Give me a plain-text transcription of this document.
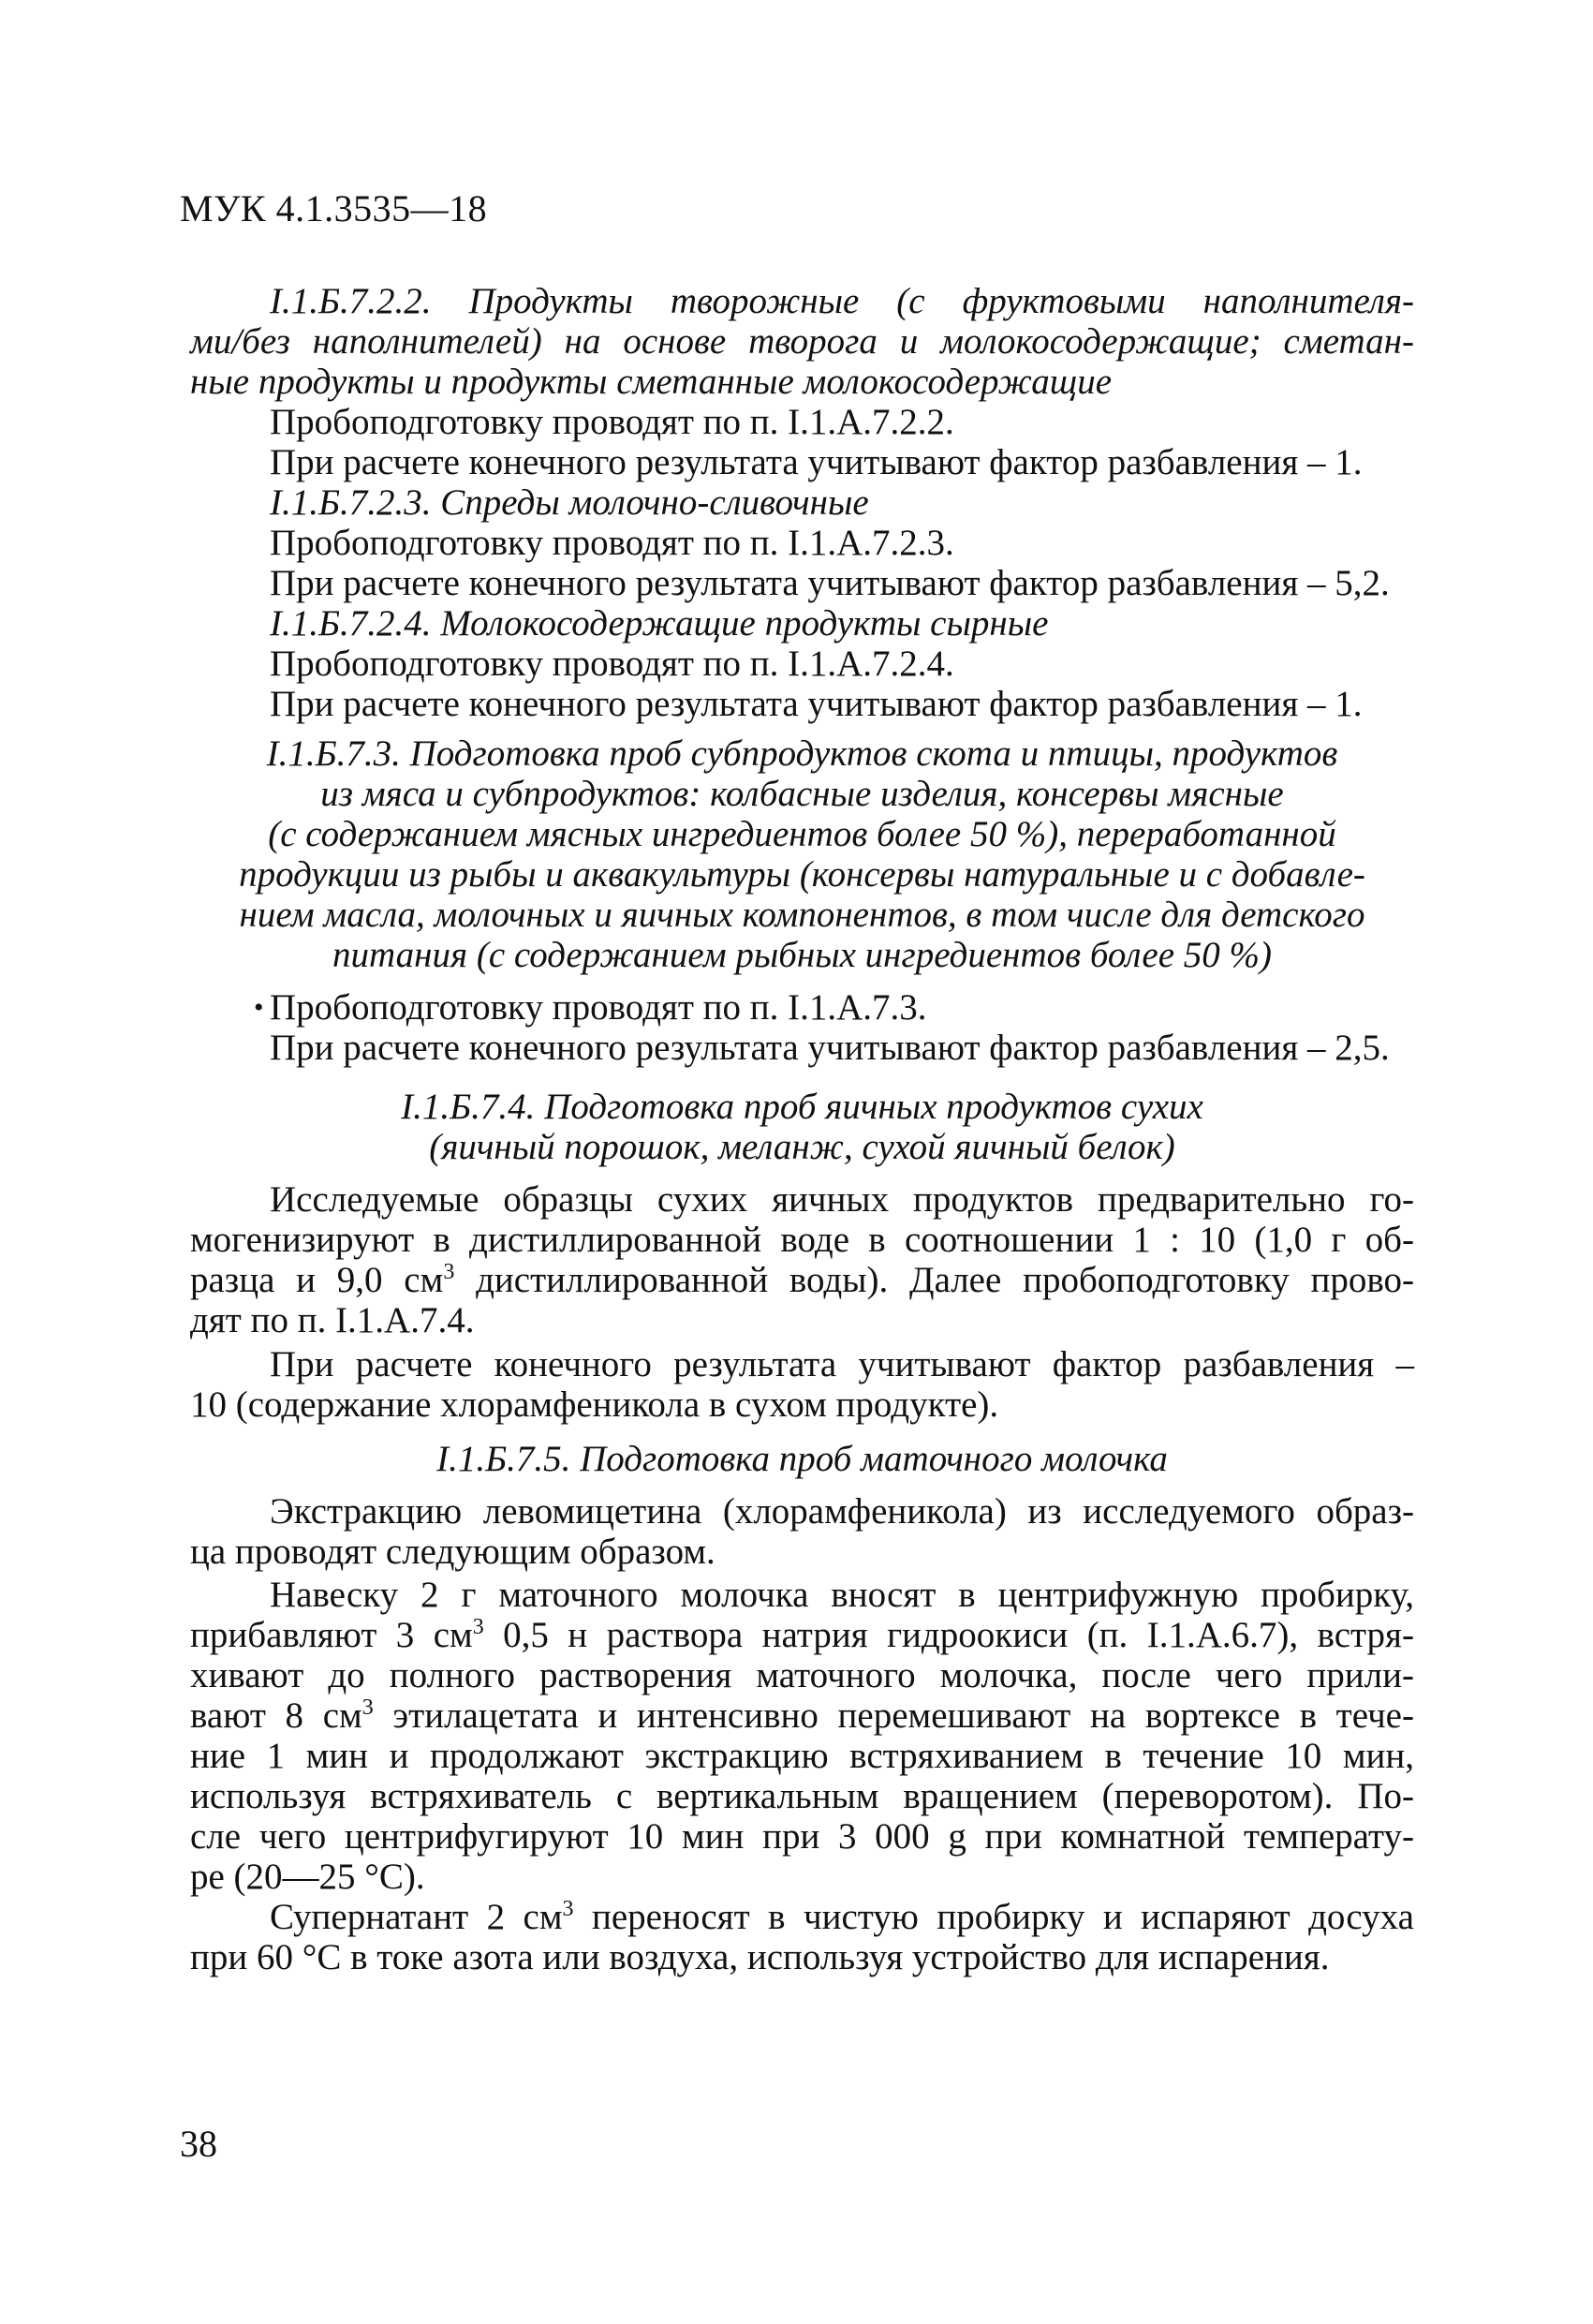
МУК 4.1.3535—18
I.1.Б.7.2.2. Продукты творожные (с фруктовыми наполнителя-
ми/без наполнителей) на основе творога и молокосодержащие; сметан-
ные продукты и продукты сметанные молокосодержащие
Пробоподготовку проводят по п. I.1.А.7.2.2.
При расчете конечного результата учитывают фактор разбавления – 1.
I.1.Б.7.2.3. Спреды молочно-сливочные
Пробоподготовку проводят по п. I.1.А.7.2.3.
При расчете конечного результата учитывают фактор разбавления – 5,2.
I.1.Б.7.2.4. Молокосодержащие продукты сырные
Пробоподготовку проводят по п. I.1.А.7.2.4.
При расчете конечного результата учитывают фактор разбавления – 1.
I.1.Б.7.3. Подготовка проб субпродуктов скота и птицы, продуктов
из мяса и субпродуктов: колбасные изделия, консервы мясные
(с содержанием мясных ингредиентов более 50 %), переработанной
продукции из рыбы и аквакультуры (консервы натуральные и с добавле-
нием масла, молочных и яичных компонентов, в том числе для детского
питания (с содержанием рыбных ингредиентов более 50 %)
• Пробоподготовку проводят по п. I.1.А.7.3.
При расчете конечного результата учитывают фактор разбавления – 2,5.
I.1.Б.7.4. Подготовка проб яичных продуктов сухих
(яичный порошок, меланж, сухой яичный белок)
Исследуемые образцы сухих яичных продуктов предварительно го-
могенизируют в дистиллированной воде в соотношении 1 : 10 (1,0 г об-
разца и 9,0 $см^3$ дистиллированной воды). Далее пробоподготовку прово-
дят по п. I.1.А.7.4.
При расчете конечного результата учитывают фактор разбавления –
10 (содержание хлорамфеникола в сухом продукте).
I.1.Б.7.5. Подготовка проб маточного молочка
Экстракцию левомицетина (хлорамфеникола) из исследуемого образ-
ца проводят следующим образом.
Навеску 2 г маточного молочка вносят в центрифужную пробирку,
прибавляют 3 $см^3$ 0,5 н раствора натрия гидроокиси (п. I.1.А.6.7), встря-
хивают до полного растворения маточного молочка, после чего прили-
вают 8 $см^3$ этилацетата и интенсивно перемешивают на вортексе в тече-
ние 1 мин и продолжают экстракцию встряхиванием в течение 10 мин,
используя встряхиватель с вертикальным вращением (переворотом). По-
сле чего центрифугируют 10 мин при 3 000 g при комнатной температу-
ре (20—25 °С).
Супернатант 2 $см^3$ переносят в чистую пробирку и испаряют досуха
при 60 °С в токе азота или воздуха, используя устройство для испарения.
38
